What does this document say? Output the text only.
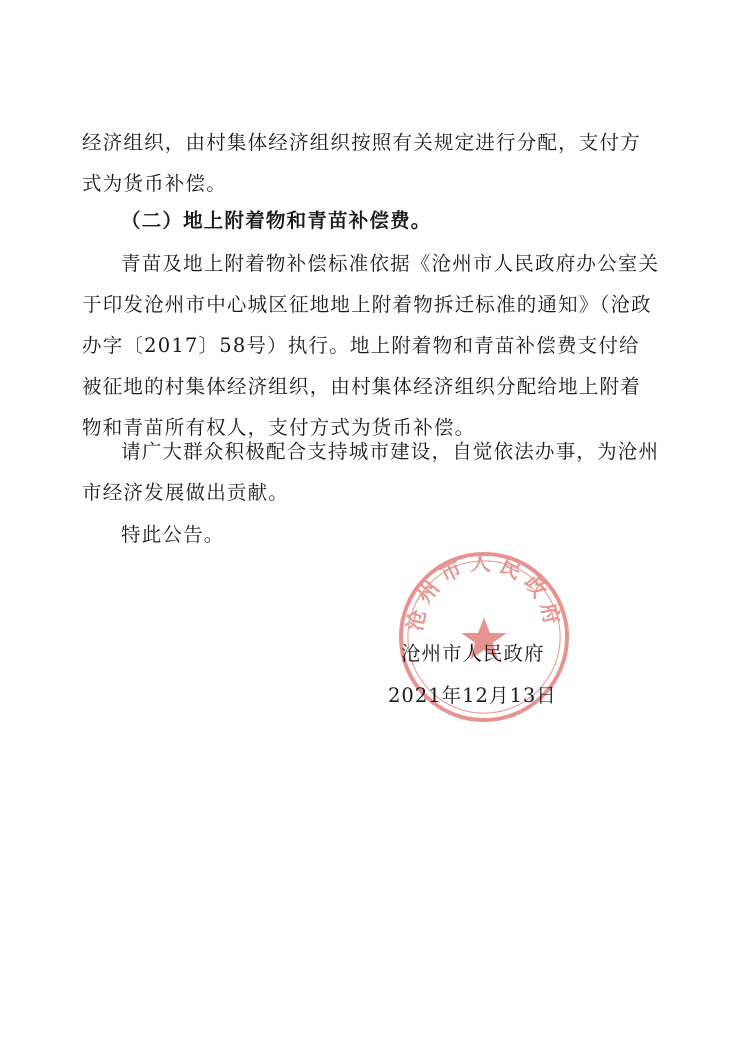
经济组织，由村集体经济组织按照有关规定进行分配，支付方式为货币补偿。

（二）地上附着物和青苗补偿费。

青苗及地上附着物补偿标准依据《沧州市人民政府办公室关于印发沧州市中心城区征地地上附着物拆迁标准的通知》（沧政办字〔2017〕58号）执行。地上附着物和青苗补偿费支付给被征地的村集体经济组织，由村集体经济组织分配给地上附着物和青苗所有权人，支付方式为货币补偿。

请广大群众积极配合支持城市建设，自觉依法办事，为沧州市经济发展做出贡献。

特此公告。

沧州市人民政府
沧州市人民政府
2021年12月13日
